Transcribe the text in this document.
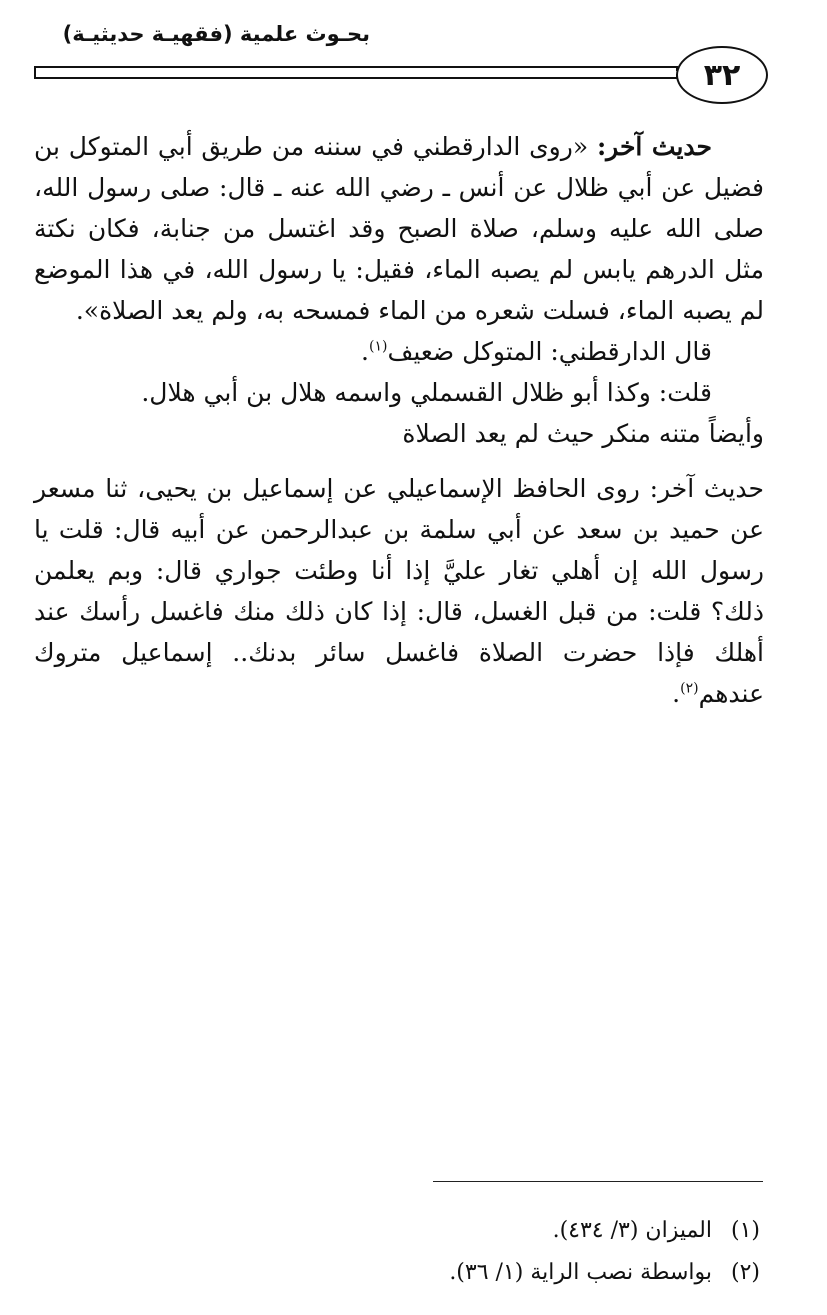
بحـوث علمية (فقهيـة حديثيـة)
٣٢

حديث آخر: «روى الدارقطني في سننه من طريق أبي المتوكل بن فضيل عن أبي ظلال عن أنس ـ رضي الله عنه ـ قال: صلى رسول الله، صلى الله عليه وسلم، صلاة الصبح وقد اغتسل من جنابة، فكان نكتة مثل الدرهم يابس لم يصبه الماء، فقيل: يا رسول الله، في هذا الموضع لم يصبه الماء، فسلت شعره من الماء فمسحه به، ولم يعد الصلاة».

قال الدارقطني: المتوكل ضعيف$^{(١)}$.

قلت: وكذا أبو ظلال القسملي واسمه هلال بن أبي هلال.

وأيضاً متنه منكر حيث لم يعد الصلاة

حديث آخر: روى الحافظ الإسماعيلي عن إسماعيل بن يحيى، ثنا مسعر عن حميد بن سعد عن أبي سلمة بن عبدالرحمن عن أبيه قال: قلت يا رسول الله إن أهلي تغار عليَّ إذا أنا وطئت جواري قال: وبم يعلمن ذلك؟ قلت: من قبل الغسل، قال: إذا كان ذلك منك فاغسل رأسك عند أهلك فإذا حضرت الصلاة فاغسل سائر بدنك.. إسماعيل متروك عندهم$^{(٢)}$.

(١)الميزان (٣/ ٤٣٤).
(٢)بواسطة نصب الراية (١/ ٣٦).
